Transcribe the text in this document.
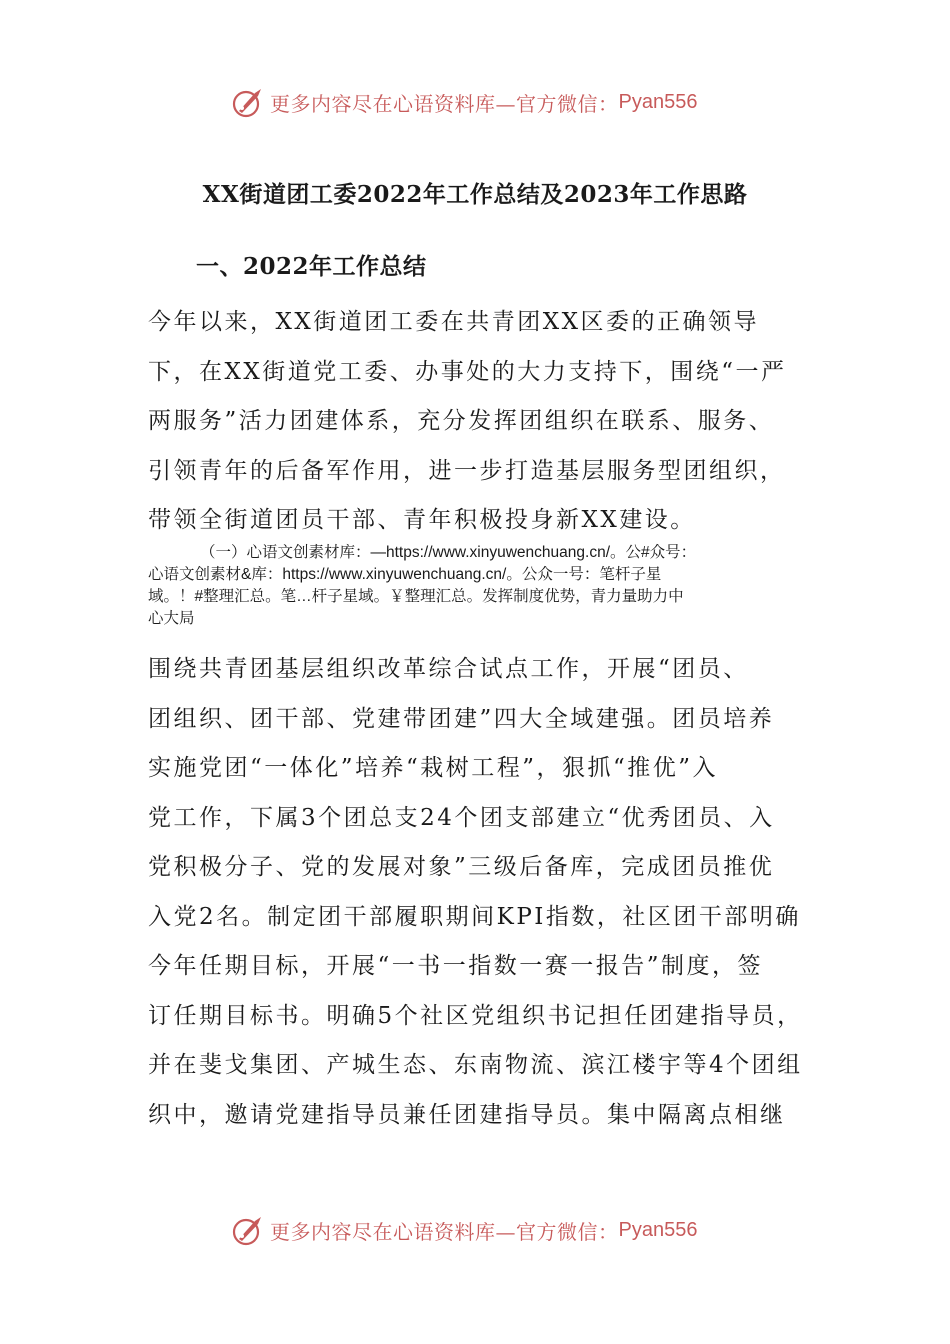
更多内容尽在心语资料库—官方微信： Pyan556
XX街道团工委2022年工作总结及2023年工作思路
一、2022年工作总结
今年以来，XX街道团工委在共青团XX区委的正确领导
下，在XX街道党工委、办事处的大力支持下，围绕“一严
两服务”活力团建体系，充分发挥团组织在联系、服务、
引领青年的后备军作用，进一步打造基层服务型团组织，
带领全街道团员干部、青年积极投身新XX建设。
（一）心语文创素材库：—https://www.xinyuwenchuang.cn/。公#众号：
心语文创素材&库：https://www.xinyuwenchuang.cn/。公众一号：笔杆子星
域。！#整理汇总。笔…杆子星域。￥整理汇总。发挥制度优势，青力量助力中
心大局
围绕共青团基层组织改革综合试点工作，开展“团员、
团组织、团干部、党建带团建”四大全域建强。团员培养
实施党团“一体化”培养“栽树工程”，狠抓“推优”入
党工作，下属3个团总支24个团支部建立“优秀团员、入
党积极分子、党的发展对象”三级后备库，完成团员推优
入党2名。制定团干部履职期间KPI指数，社区团干部明确
今年任期目标，开展“一书一指数一赛一报告”制度，签
订任期目标书。明确5个社区党组织书记担任团建指导员，
并在斐戈集团、产城生态、东南物流、滨江楼宇等4个团组
织中，邀请党建指导员兼任团建指导员。集中隔离点相继
更多内容尽在心语资料库—官方微信： Pyan556
